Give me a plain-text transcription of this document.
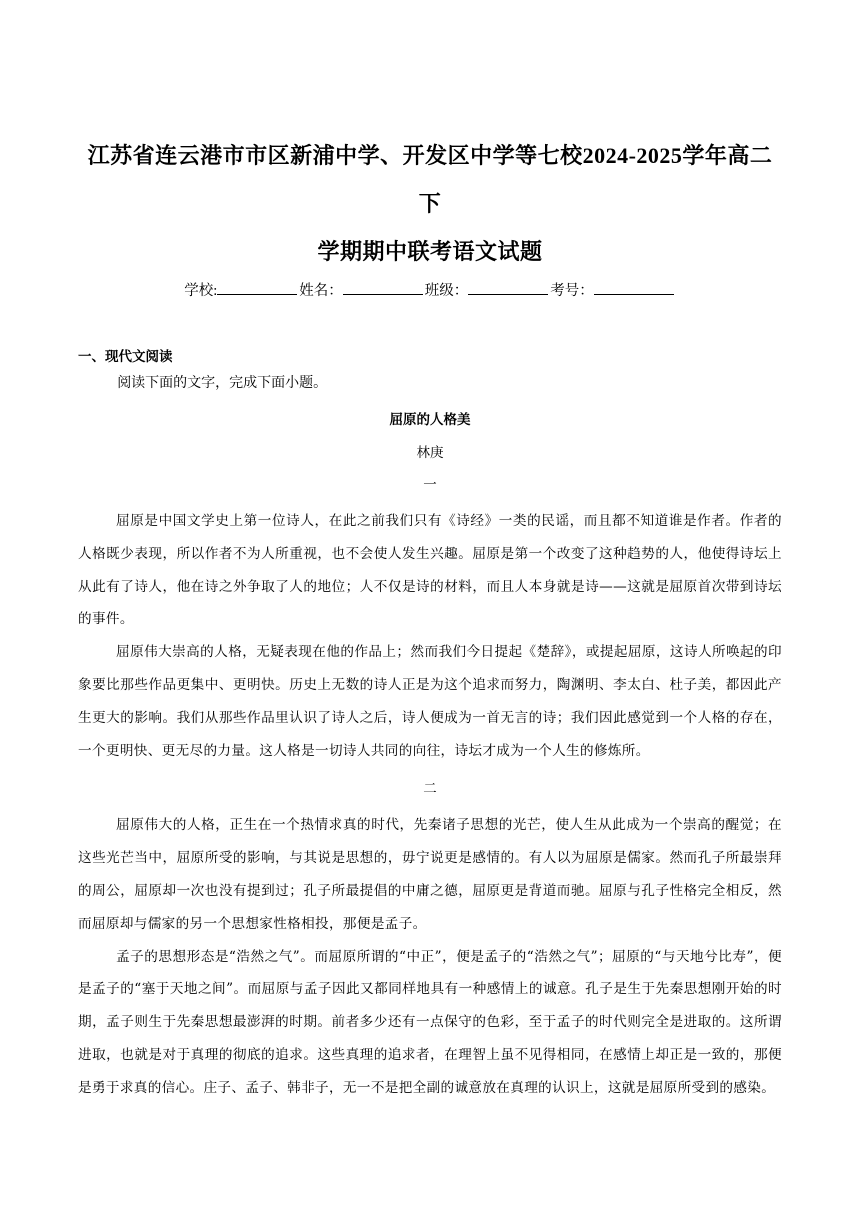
江苏省连云港市市区新浦中学、开发区中学等七校2024-2025学年高二下
学期期中联考语文试题
学校:	姓名：	班级：	考号：
一、现代文阅读
阅读下面的文字，完成下面小题。
屈原的人格美
林庚
一

屈原是中国文学史上第一位诗人，在此之前我们只有《诗经》一类的民谣，而且都不知道谁是作者。作者的人格既少表现，所以作者不为人所重视，也不会使人发生兴趣。屈原是第一个改变了这种趋势的人，他使得诗坛上从此有了诗人，他在诗之外争取了人的地位；人不仅是诗的材料，而且人本身就是诗——这就是屈原首次带到诗坛的事件。

屈原伟大崇高的人格，无疑表现在他的作品上；然而我们今日提起《楚辞》，或提起屈原，这诗人所唤起的印象要比那些作品更集中、更明快。历史上无数的诗人正是为这个追求而努力，陶渊明、李太白、杜子美，都因此产生更大的影响。我们从那些作品里认识了诗人之后，诗人便成为一首无言的诗；我们因此感觉到一个人格的存在，一个更明快、更无尽的力量。这人格是一切诗人共同的向往，诗坛才成为一个人生的修炼所。

二

屈原伟大的人格，正生在一个热情求真的时代，先秦诸子思想的光芒，使人生从此成为一个崇高的醒觉；在这些光芒当中，屈原所受的影响，与其说是思想的，毋宁说更是感情的。有人以为屈原是儒家。然而孔子所最崇拜的周公，屈原却一次也没有提到过；孔子所最提倡的中庸之德，屈原更是背道而驰。屈原与孔子性格完全相反，然而屈原却与儒家的另一个思想家性格相投，那便是孟子。

孟子的思想形态是“浩然之气”。而屈原所谓的“中正”，便是孟子的“浩然之气”；屈原的“与天地兮比寿”，便是孟子的“塞于天地之间”。而屈原与孟子因此又都同样地具有一种感情上的诚意。孔子是生于先秦思想刚开始的时期，孟子则生于先秦思想最澎湃的时期。前者多少还有一点保守的色彩，至于孟子的时代则完全是进取的。这所谓进取，也就是对于真理的彻底的追求。这些真理的追求者，在理智上虽不见得相同，在感情上却正是一致的，那便是勇于求真的信心。庄子、孟子、韩非子，无一不是把全副的诚意放在真理的认识上，这就是屈原所受到的感染。
